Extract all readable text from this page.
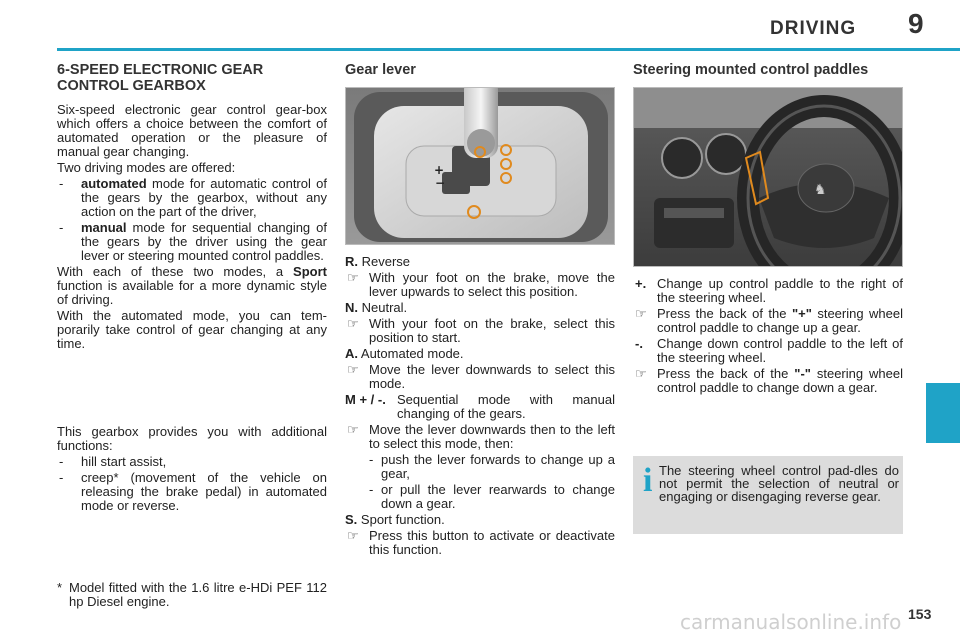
DRIVING 9
6-SPEED ELECTRONIC GEAR CONTROL GEARBOX

Six-speed electronic gear control gear-box which offers a choice between the comfort of automated operation or the pleasure of manual gear changing.

Two driving modes are offered:

- automated mode for automatic control of the gears by the gearbox, without any action on the part of the driver,
- manual mode for sequential changing of the gears by the driver using the gear lever or steering mounted control paddles.

With each of these two modes, a Sport function is available for a more dynamic style of driving.

With the automated mode, you can tem-porarily take control of gear changing at any time.

This gearbox provides you with additional functions:

- hill start assist,
- creep* (movement of the vehicle on releasing the brake pedal) in automated mode or reverse.
* Model fitted with the 1.6 litre e-HDi PEF 112 hp Diesel engine.
Gear lever
+
−

R. Reverse

☞ With your foot on the brake, move the lever upwards to select this position.

N. Neutral.

☞ With your foot on the brake, select this position to start.

A. Automated mode.

☞ Move the lever downwards to select this mode.
M + / -. Sequential mode with manual changing of the gears.
☞ Move the lever downwards then to the left to select this mode, then:
- push the lever forwards to change up a gear,
- or pull the lever rearwards to change down a gear.

S. Sport function.

☞ Press this button to activate or deactivate this function.
Steering mounted control paddles
♞
+. Change up control paddle to the right of the steering wheel.
☞ Press the back of the "+" steering wheel control paddle to change up a gear.
-. Change down control paddle to the left of the steering wheel.
☞ Press the back of the "-" steering wheel control paddle to change down a gear.
i The steering wheel control pad-dles do not permit the selection of neutral or engaging or disengaging reverse gear.
carmanualsonline.info 153
